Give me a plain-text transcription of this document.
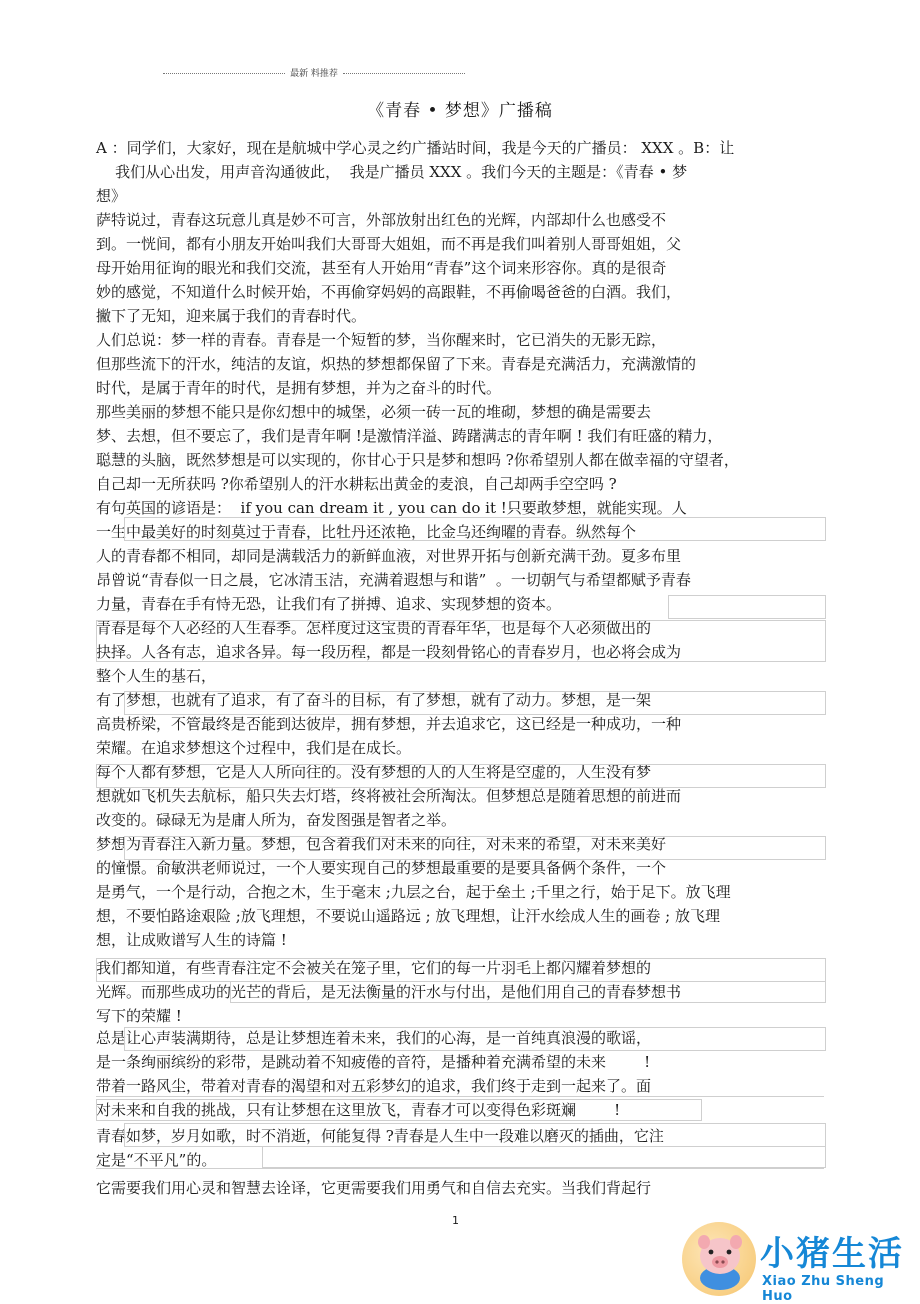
最新 料推荐
《青春 • 梦想》广播稿
A ：同学们，大家好，现在是航城中学心灵之约广播站时间，我是今天的广播员： XXX 。B：让
我们从心出发，用声音沟通彼此，  我是广播员 XXX 。我们今天的主题是：《青春 • 梦
想》
萨特说过，青春这玩意儿真是妙不可言，外部放射出红色的光辉，内部却什么也感受不
到。一恍间，都有小朋友开始叫我们大哥哥大姐姐，而不再是我们叫着别人哥哥姐姐，父
母开始用征询的眼光和我们交流，甚至有人开始用“青春”这个词来形容你。真的是很奇
妙的感觉，不知道什么时候开始，不再偷穿妈妈的高跟鞋，不再偷喝爸爸的白酒。我们，
撇下了无知，迎来属于我们的青春时代。
人们总说：梦一样的青春。青春是一个短暂的梦，当你醒来时，它已消失的无影无踪，
但那些流下的汗水，纯洁的友谊，炽热的梦想都保留了下来。青春是充满活力，充满激情的
时代，是属于青年的时代，是拥有梦想，并为之奋斗的时代。
那些美丽的梦想不能只是你幻想中的城堡，必须一砖一瓦的堆砌，梦想的确是需要去
梦、去想，但不要忘了，我们是青年啊 !是激情洋溢、踌躇满志的青年啊 ! 我们有旺盛的精力，
聪慧的头脑，既然梦想是可以实现的，你甘心于只是梦和想吗 ?你希望别人都在做幸福的守望者，
自己却一无所获吗 ?你希望别人的汗水耕耘出黄金的麦浪，自己却两手空空吗 ?
有句英国的谚语是：  if you can dream it , you can do it !只要敢梦想，就能实现。人
一生中最美好的时刻莫过于青春，比牡丹还浓艳，比金乌还绚曜的青春。纵然每个
人的青春都不相同，却同是满载活力的新鲜血液，对世界开拓与创新充满干劲。夏多布里
昂曾说“青春似一日之晨，它冰清玉洁，充满着遐想与和谐”  。一切朝气与希望都赋予青春
力量，青春在手有恃无恐，让我们有了拼搏、追求、实现梦想的资本。
青春是每个人必经的人生春季。怎样度过这宝贵的青春年华，也是每个人必须做出的
抉择。人各有志，追求各异。每一段历程，都是一段刻骨铭心的青春岁月，也必将会成为
整个人生的基石，
有了梦想，也就有了追求，有了奋斗的目标，有了梦想，就有了动力。梦想，是一架
高贵桥梁，不管最终是否能到达彼岸，拥有梦想，并去追求它，这已经是一种成功，一种
荣耀。在追求梦想这个过程中，我们是在成长。
每个人都有梦想，它是人人所向往的。没有梦想的人的人生将是空虚的，人生没有梦
想就如飞机失去航标，船只失去灯塔，终将被社会所淘汰。但梦想总是随着思想的前进而
改变的。碌碌无为是庸人所为，奋发图强是智者之举。
梦想为青春注入新力量。梦想，包含着我们对未来的向往，对未来的希望，对未来美好
的憧憬。俞敏洪老师说过，一个人要实现自己的梦想最重要的是要具备俩个条件，一个
是勇气，一个是行动，合抱之木，生于毫末 ;九层之台，起于垒土 ;千里之行，始于足下。放飞理
想，不要怕路途艰险 ;放飞理想，不要说山遥路远 ; 放飞理想，让汗水绘成人生的画卷 ; 放飞理
想，让成败谱写人生的诗篇 !
我们都知道，有些青春注定不会被关在笼子里，它们的每一片羽毛上都闪耀着梦想的
光辉。而那些成功的光芒的背后，是无法衡量的汗水与付出，是他们用自己的青春梦想书
写下的荣耀 !
总是让心声装满期待，总是让梦想连着未来，我们的心海，是一首纯真浪漫的歌谣，
是一条绚丽缤纷的彩带，是跳动着不知疲倦的音符，是播种着充满希望的未来        !
带着一路风尘，带着对青春的渴望和对五彩梦幻的追求，我们终于走到一起来了。面
对未来和自我的挑战，只有让梦想在这里放飞，青春才可以变得色彩斑斓        !
青春如梦，岁月如歌，时不消逝，何能复得 ?青春是人生中一段难以磨灭的插曲，它注
定是“不平凡”的。
它需要我们用心灵和智慧去诠译，它更需要我们用勇气和自信去充实。当我们背起行
1
小猪生活
Xiao Zhu Sheng Huo
